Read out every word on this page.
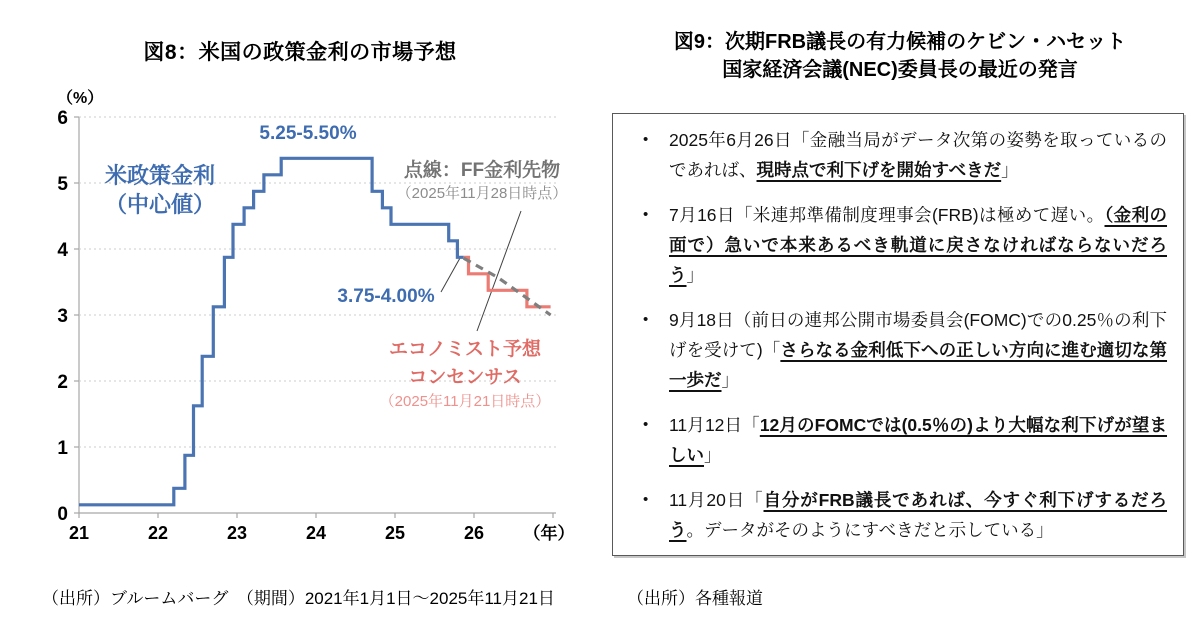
図8：米国の政策金利の市場予想
（%）
0
1
2
3
4
5
6
21	22	23	24	25	26 （年）
米政策金利
（中心値）
5.25-5.50%
3.75-4.00%
点線：FF金利先物
（2025年11月28日時点）
エコノミスト予想
コンセンサス
（2025年11月21日時点）
（出所）ブルームバーグ　（期間）2021年1月1日～2025年11月21日
図9：次期FRB議長の有力候補のケビン・ハセット
国家経済会議(NEC)委員長の最近の発言
• 2025年6月26日「金融当局がデータ次第の姿勢を取っているのであれば、現時点で利下げを開始すべきだ」
• 7月16日「米連邦準備制度理事会(FRB)は極めて遅い。（金利の面で）急いで本来あるべき軌道に戻さなければならないだろう」
• 9月18日（前日の連邦公開市場委員会(FOMC)での0.25％の利下げを受けて)「さらなる金利低下への正しい方向に進む適切な第一歩だ」
• 11月12日「12月のFOMCでは(0.5％の)より大幅な利下げが望ましい」
• 11月20日「自分がFRB議長であれば、今すぐ利下げするだろう。データがそのようにすべきだと示している」
（出所）各種報道
